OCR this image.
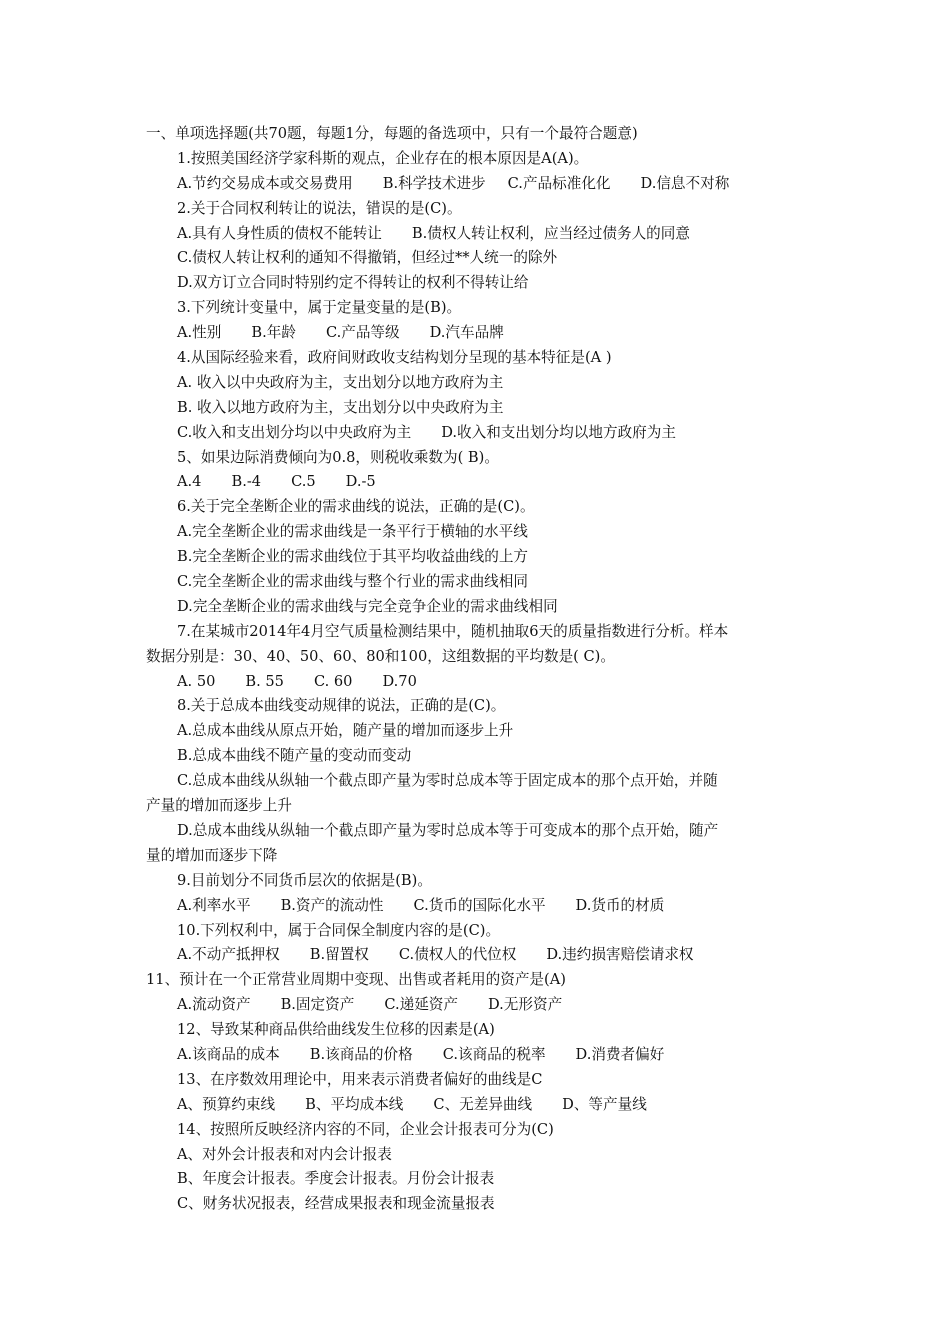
一、单项选择题(共70题，每题1分，每题的备选项中，只有一个最符合题意)
1.按照美国经济学家科斯的观点，企业存在的根本原因是A(A)。
A.节约交易成本或交易费用 B.科学技术进步 C.产品标准化化 D.信息不对称
2.关于合同权利转让的说法，错误的是(C)。
A.具有人身性质的债权不能转让 B.债权人转让权利，应当经过债务人的同意
C.债权人转让权利的通知不得撤销，但经过**人统一的除外
D.双方订立合同时特别约定不得转让的权利不得转让给
3.下列统计变量中，属于定量变量的是(B)。
A.性别 B.年龄 C.产品等级 D.汽车品牌
4.从国际经验来看，政府间财政收支结构划分呈现的基本特征是(A )
A. 收入以中央政府为主，支出划分以地方政府为主
B. 收入以地方政府为主，支出划分以中央政府为主
C.收入和支出划分均以中央政府为主 D.收入和支出划分均以地方政府为主
5、如果边际消费倾向为0.8，则税收乘数为( B)。
A.4 B.-4 C.5 D.-5
6.关于完全垄断企业的需求曲线的说法，正确的是(C)。
A.完全垄断企业的需求曲线是一条平行于横轴的水平线
B.完全垄断企业的需求曲线位于其平均收益曲线的上方
C.完全垄断企业的需求曲线与整个行业的需求曲线相同
D.完全垄断企业的需求曲线与完全竞争企业的需求曲线相同
7.在某城市2014年4月空气质量检测结果中，随机抽取6天的质量指数进行分析。样本
数据分别是：30、40、50、60、80和100，这组数据的平均数是( C)。
A. 50 B. 55 C. 60 D.70
8.关于总成本曲线变动规律的说法，正确的是(C)。
A.总成本曲线从原点开始，随产量的增加而逐步上升
B.总成本曲线不随产量的变动而变动
C.总成本曲线从纵轴一个截点即产量为零时总成本等于固定成本的那个点开始，并随
产量的增加而逐步上升
D.总成本曲线从纵轴一个截点即产量为零时总成本等于可变成本的那个点开始，随产
量的增加而逐步下降
9.目前划分不同货币层次的依据是(B)。
A.利率水平 B.资产的流动性 C.货币的国际化水平 D.货币的材质
10.下列权利中，属于合同保全制度内容的是(C)。
A.不动产抵押权 B.留置权 C.债权人的代位权 D.违约损害赔偿请求权
11、预计在一个正常营业周期中变现、出售或者耗用的资产是(A)
A.流动资产 B.固定资产 C.递延资产 D.无形资产
12、导致某种商品供给曲线发生位移的因素是(A)
A.该商品的成本 B.该商品的价格 C.该商品的税率 D.消费者偏好
13、在序数效用理论中，用来表示消费者偏好的曲线是C
A、预算约束线 B、平均成本线 C、无差异曲线 D、等产量线
14、按照所反映经济内容的不同，企业会计报表可分为(C)
A、对外会计报表和对内会计报表
B、年度会计报表。季度会计报表。月份会计报表
C、财务状况报表，经营成果报表和现金流量报表
